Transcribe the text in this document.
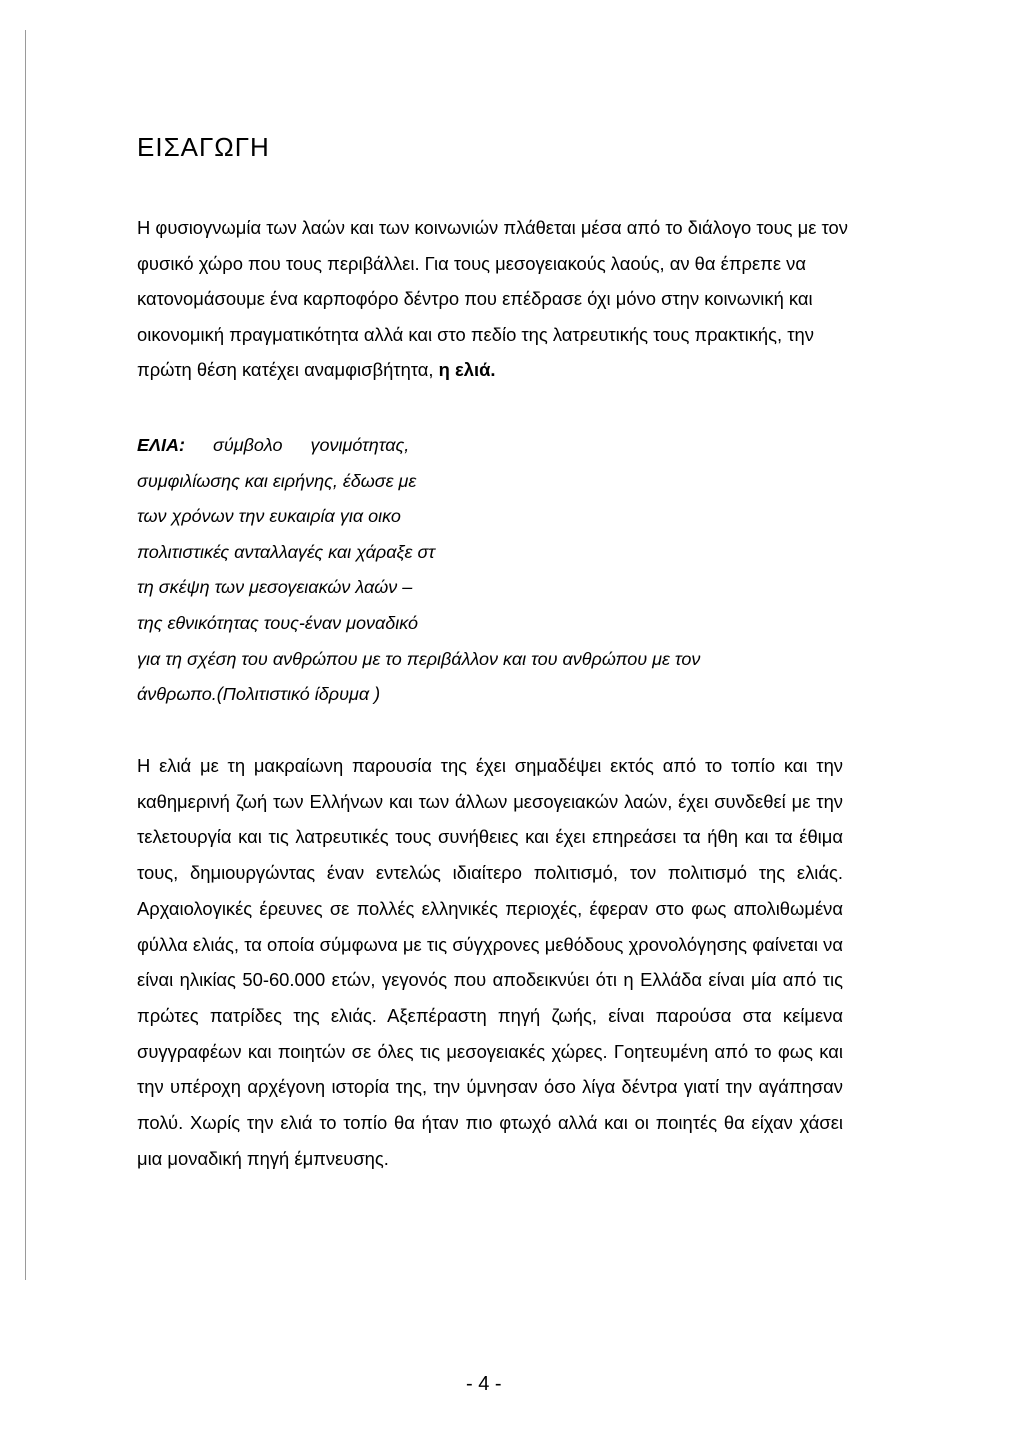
ΕΙΣΑΓΩΓΗ

Η φυσιογνωμία των λαών και των κοινωνιών πλάθεται μέσα από το διάλογο τους με τον φυσικό χώρο που τους περιβάλλει. Για τους μεσογειακούς λαούς, αν θα έπρεπε να κατονομάσουμε ένα καρποφόρο δέντρο που επέδρασε όχι μόνο στην κοινωνική και οικονομική πραγματικότητα αλλά και στο πεδίο της λατρευτικής τους πρακτικής, την πρώτη θέση κατέχει αναμφισβήτητα, η ελιά.

ΕΛΙΑ: σύμβολο γονιμότητας,
συμφιλίωσης και ειρήνης, έδωσε με
των χρόνων την ευκαιρία για οικο
πολιτιστικές ανταλλαγές και χάραξε στ
τη σκέψη των μεσογειακών λαών –
της εθνικότητας τους-έναν μοναδικό
για τη σχέση του ανθρώπου με το περιβάλλον και του ανθρώπου με τον
άνθρωπο.(Πολιτιστικό ίδρυμα )

Η ελιά με τη μακραίωνη παρουσία της έχει σημαδέψει εκτός από το τοπίο και την καθημερινή ζωή των Ελλήνων και των άλλων μεσογειακών λαών, έχει συνδεθεί με την τελετουργία και τις λατρευτικές τους συνήθειες και έχει επηρεάσει τα ήθη και τα έθιμα τους, δημιουργώντας έναν εντελώς ιδιαίτερο πολιτισμό, τον πολιτισμό της ελιάς. Αρχαιολογικές έρευνες σε πολλές ελληνικές περιοχές, έφεραν στο φως απολιθωμένα φύλλα ελιάς, τα οποία σύμφωνα με τις σύγχρονες μεθόδους χρονολόγησης φαίνεται να είναι ηλικίας 50-60.000 ετών, γεγονός που αποδεικνύει ότι η Ελλάδα είναι μία από τις πρώτες πατρίδες της ελιάς. Αξεπέραστη πηγή ζωής, είναι παρούσα στα κείμενα συγγραφέων και ποιητών σε όλες τις μεσογειακές χώρες. Γοητευμένη από το φως και την υπέροχη αρχέγονη ιστορία της, την ύμνησαν όσο λίγα δέντρα γιατί την αγάπησαν πολύ. Χωρίς την ελιά το τοπίο θα ήταν πιο φτωχό αλλά και οι ποιητές θα είχαν χάσει μια μοναδική πηγή έμπνευσης.

- 4 -
